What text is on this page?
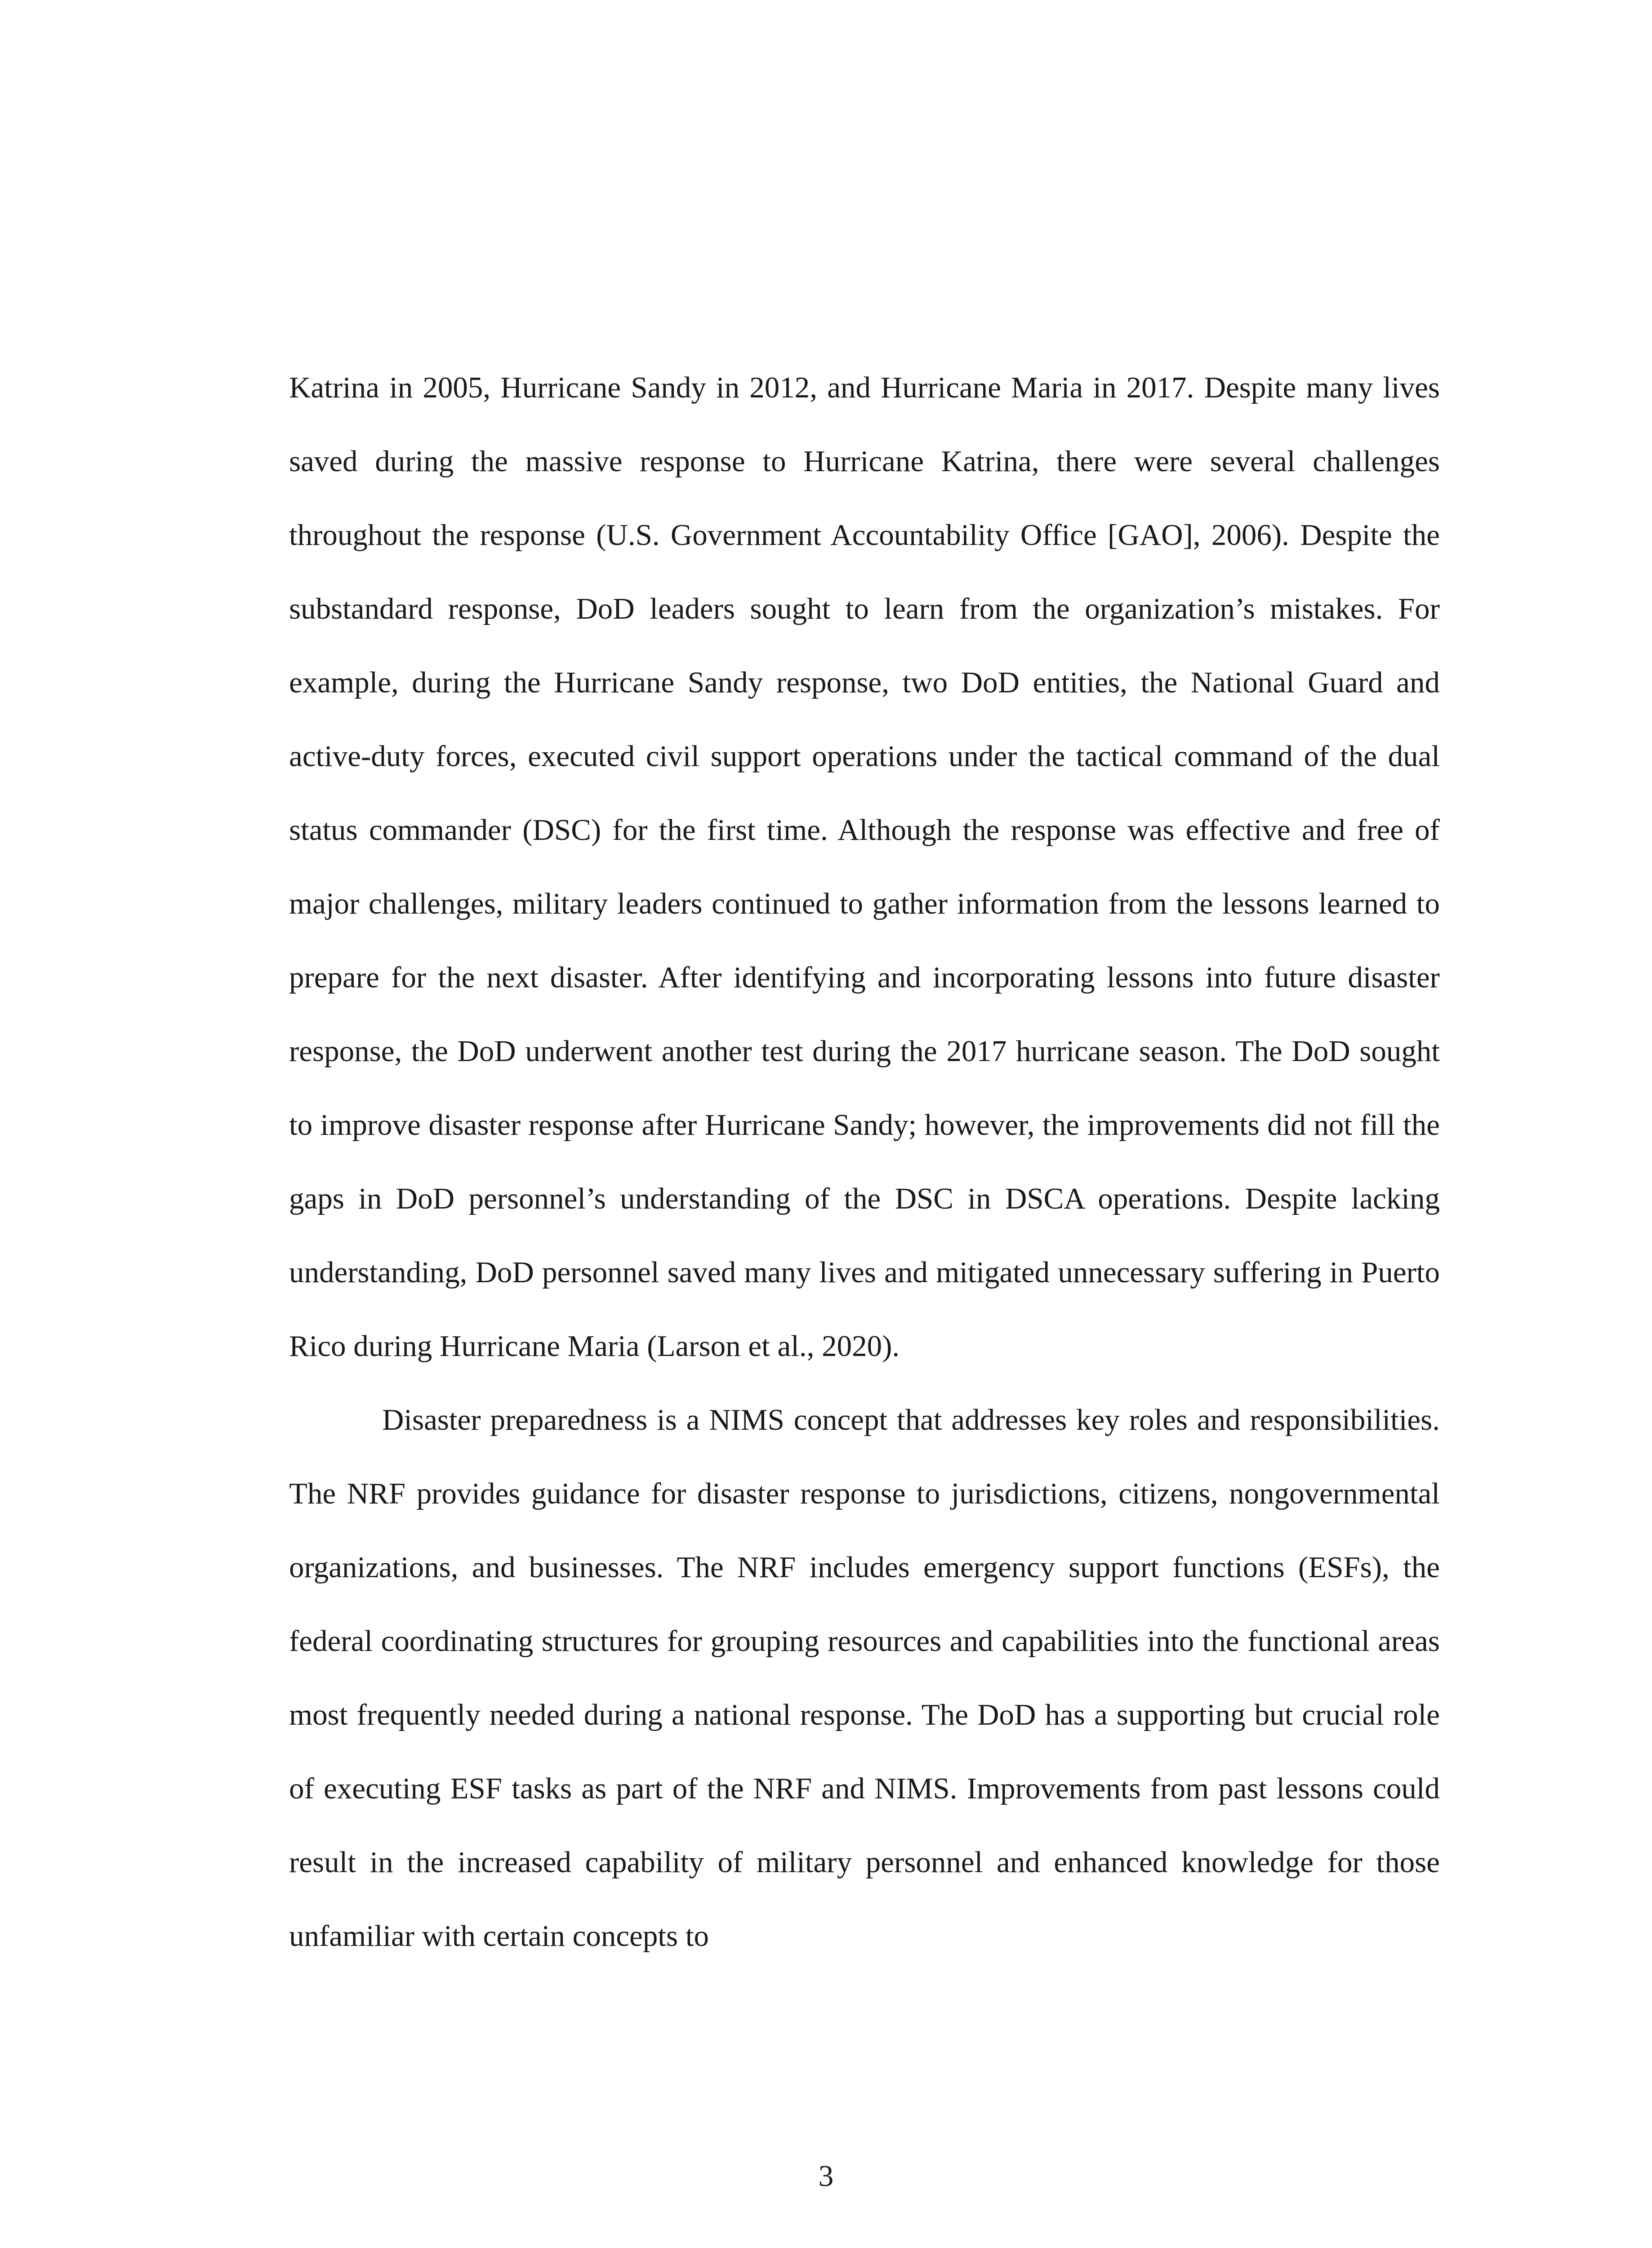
Katrina in 2005, Hurricane Sandy in 2012, and Hurricane Maria in 2017. Despite many lives saved during the massive response to Hurricane Katrina, there were several challenges throughout the response (U.S. Government Accountability Office [GAO], 2006). Despite the substandard response, DoD leaders sought to learn from the organization’s mistakes. For example, during the Hurricane Sandy response, two DoD entities, the National Guard and active-duty forces, executed civil support operations under the tactical command of the dual status commander (DSC) for the first time. Although the response was effective and free of major challenges, military leaders continued to gather information from the lessons learned to prepare for the next disaster. After identifying and incorporating lessons into future disaster response, the DoD underwent another test during the 2017 hurricane season. The DoD sought to improve disaster response after Hurricane Sandy; however, the improvements did not fill the gaps in DoD personnel’s understanding of the DSC in DSCA operations. Despite lacking understanding, DoD personnel saved many lives and mitigated unnecessary suffering in Puerto Rico during Hurricane Maria (Larson et al., 2020).

Disaster preparedness is a NIMS concept that addresses key roles and responsibilities. The NRF provides guidance for disaster response to jurisdictions, citizens, nongovernmental organizations, and businesses. The NRF includes emergency support functions (ESFs), the federal coordinating structures for grouping resources and capabilities into the functional areas most frequently needed during a national response. The DoD has a supporting but crucial role of executing ESF tasks as part of the NRF and NIMS. Improvements from past lessons could result in the increased capability of military personnel and enhanced knowledge for those unfamiliar with certain concepts to

3
